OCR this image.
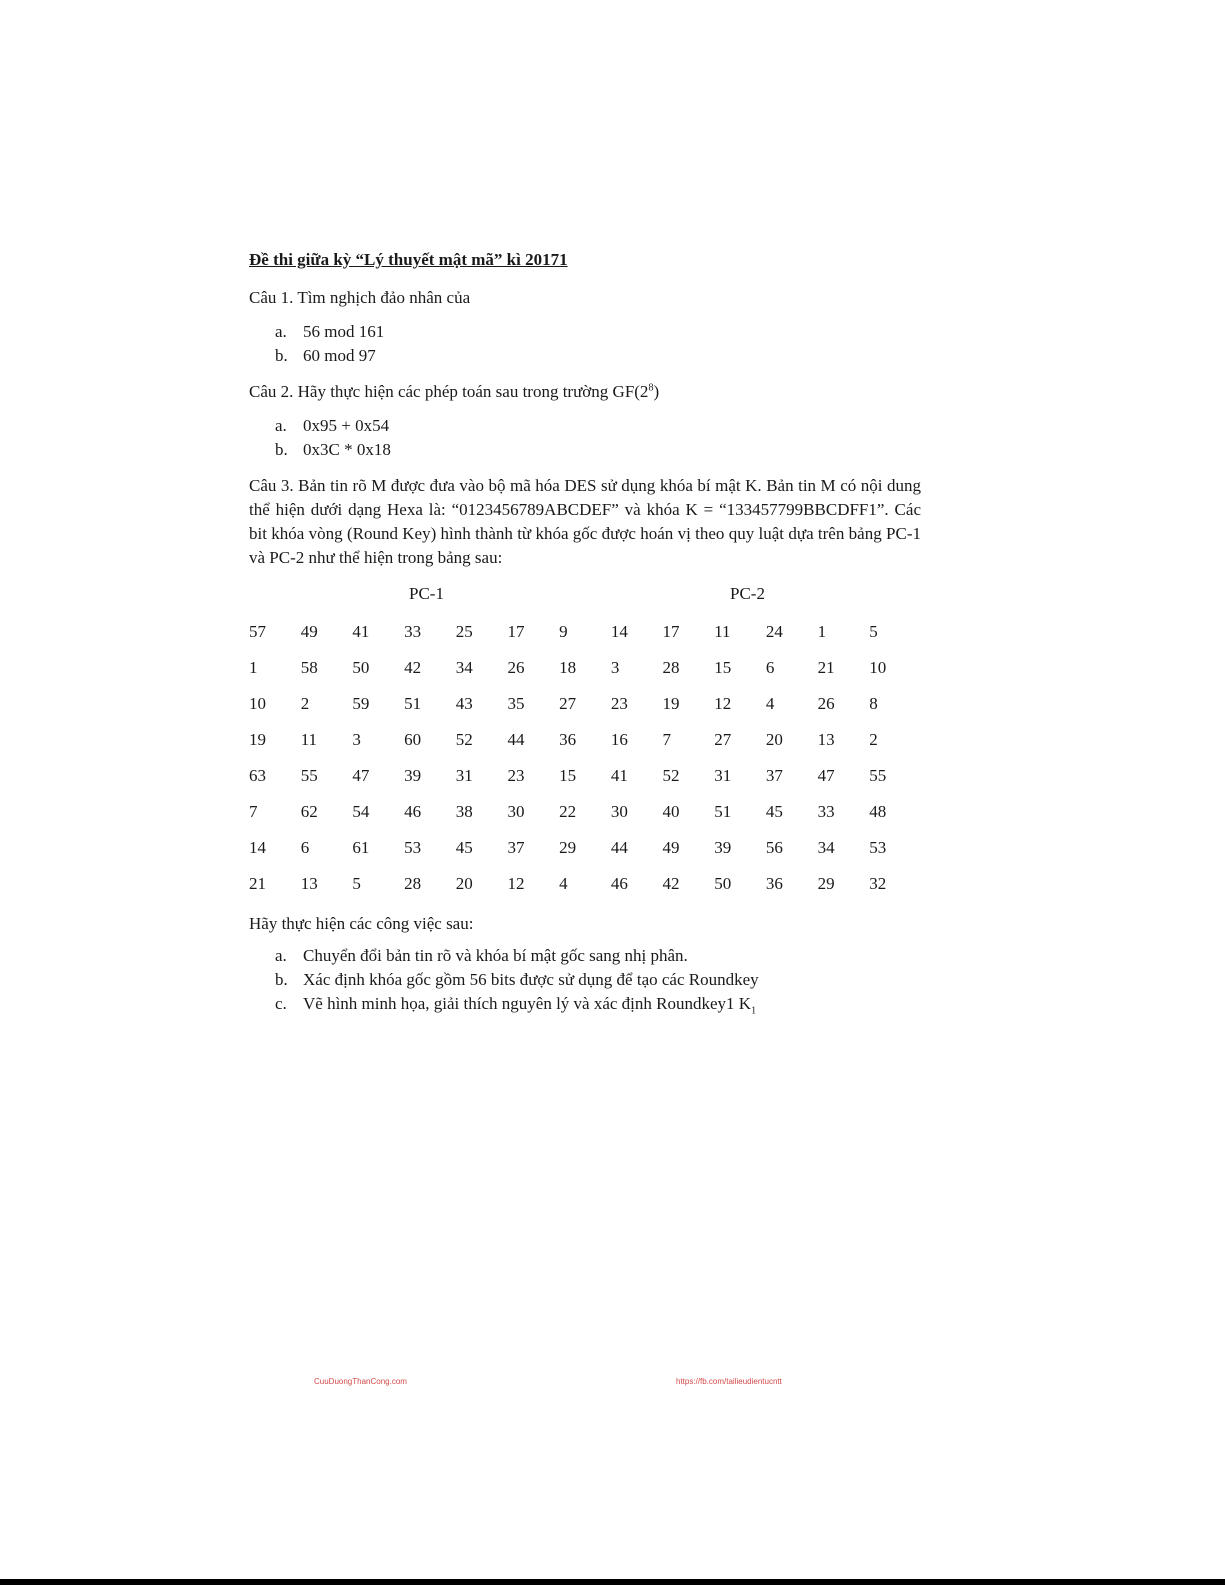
Đề thi giữa kỳ “Lý thuyết mật mã” kì 20171
Câu 1. Tìm nghịch đảo nhân của
a. 56 mod 161
b. 60 mod 97
Câu 2. Hãy thực hiện các phép toán sau trong trường $GF(2^8)$
a. 0x95 + 0x54
b. 0x3C * 0x18
Câu 3. Bản tin rõ M được đưa vào bộ mã hóa DES sử dụng khóa bí mật K. Bản tin M có nội dung thể hiện dưới dạng Hexa là: “0123456789ABCDEF” và khóa K = “133457799BBCDFF1”. Các bit khóa vòng (Round Key) hình thành từ khóa gốc được hoán vị theo quy luật dựa trên bảng PC-1 và PC-2 như thể hiện trong bảng sau:
PC-1	PC-2
57	49	41	33	25	17	9	14	17	11	24	1	5
1	58	50	42	34	26	18	3	28	15	6	21	10
10	2	59	51	43	35	27	23	19	12	4	26	8
19	11	3	60	52	44	36	16	7	27	20	13	2
63	55	47	39	31	23	15	41	52	31	37	47	55
7	62	54	46	38	30	22	30	40	51	45	33	48
14	6	61	53	45	37	29	44	49	39	56	34	53
21	13	5	28	20	12	4	46	42	50	36	29	32
Hãy thực hiện các công việc sau:
a. Chuyển đổi bản tin rõ và khóa bí mật gốc sang nhị phân.
b. Xác định khóa gốc gồm 56 bits được sử dụng để tạo các Roundkey
c. Vẽ hình minh họa, giải thích nguyên lý và xác định Roundkey1 $K_1$
CuuDuongThanCong.com	https://fb.com/tailieudientucntt
